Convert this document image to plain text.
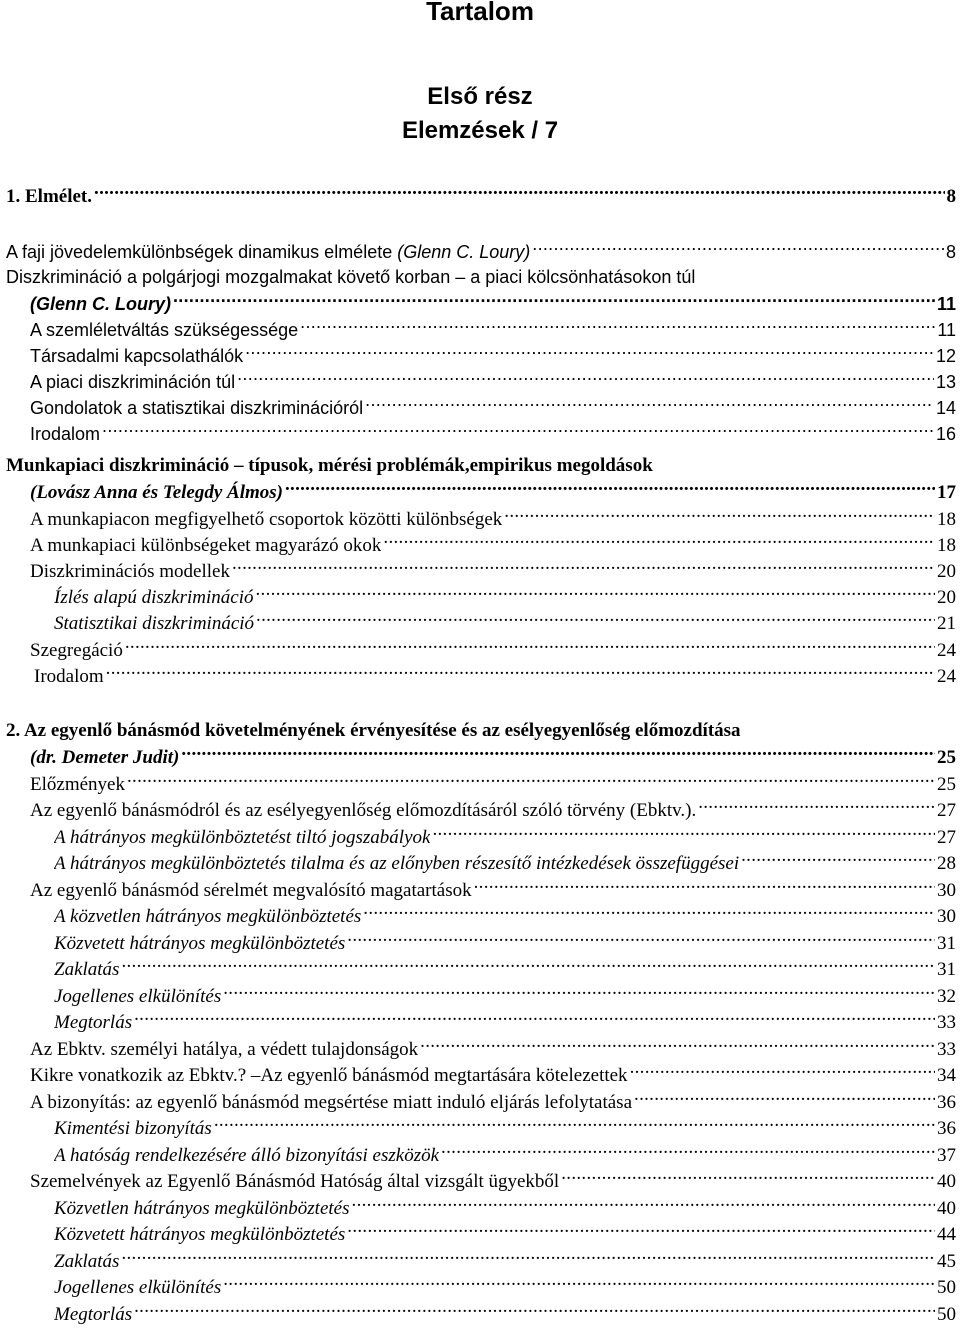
Tartalom
Első rész
Elemzések / 7
1. Elmélet. .....	8
A faji jövedelemkülönbségek dinamikus elmélete (Glenn C. Loury) .....	8
Diszkrimináció a polgárjogi mozgalmakat követő korban – a piaci kölcsönhatásokon túl
(Glenn C. Loury) .....	11
A szemléletváltás szükségessége .....	11
Társadalmi kapcsolathálók .....	12
A piaci diszkrimináción túl .....	13
Gondolatok a statisztikai diszkriminációról .....	14
Irodalom .....	16
Munkapiaci diszkrimináció – típusok, mérési problémák,empirikus megoldások
(Lovász Anna és Telegdy Álmos) .....	17
A munkapiacon megfigyelhető csoportok közötti különbségek .....	18
A munkapiaci különbségeket magyarázó okok .....	18
Diszkriminációs modellek .....	20
Ízlés alapú diszkrimináció .....	20
Statisztikai diszkrimináció .....	21
Szegregáció .....	24
Irodalom .....	24
2. Az egyenlő bánásmód követelményének érvényesítése és az esélyegyenlőség előmozdítása
(dr. Demeter Judit) .....	25
Előzmények .....	25
Az egyenlő bánásmódról és az esélyegyenlőség előmozdításáról szóló törvény (Ebktv.). .....	27
A hátrányos megkülönböztetést tiltó jogszabályok .....	27
A hátrányos megkülönböztetés tilalma és az előnyben részesítő intézkedések összefüggései .....	28
Az egyenlő bánásmód sérelmét megvalósító magatartások .....	30
A közvetlen hátrányos megkülönböztetés .....	30
Közvetett hátrányos megkülönböztetés .....	31
Zaklatás .....	31
Jogellenes elkülönítés .....	32
Megtorlás .....	33
Az Ebktv. személyi hatálya, a védett tulajdonságok .....	33
Kikre vonatkozik az Ebktv.? –Az egyenlő bánásmód megtartására kötelezettek .....	34
A bizonyítás: az egyenlő bánásmód megsértése miatt induló eljárás lefolytatása .....	36
Kimentési bizonyítás .....	36
A hatóság rendelkezésére álló bizonyítási eszközök .....	37
Szemelvények az Egyenlő Bánásmód Hatóság által vizsgált ügyekből .....	40
Közvetlen hátrányos megkülönböztetés .....	40
Közvetett hátrányos megkülönböztetés .....	44
Zaklatás .....	45
Jogellenes elkülönítés .....	50
Megtorlás .....	50
